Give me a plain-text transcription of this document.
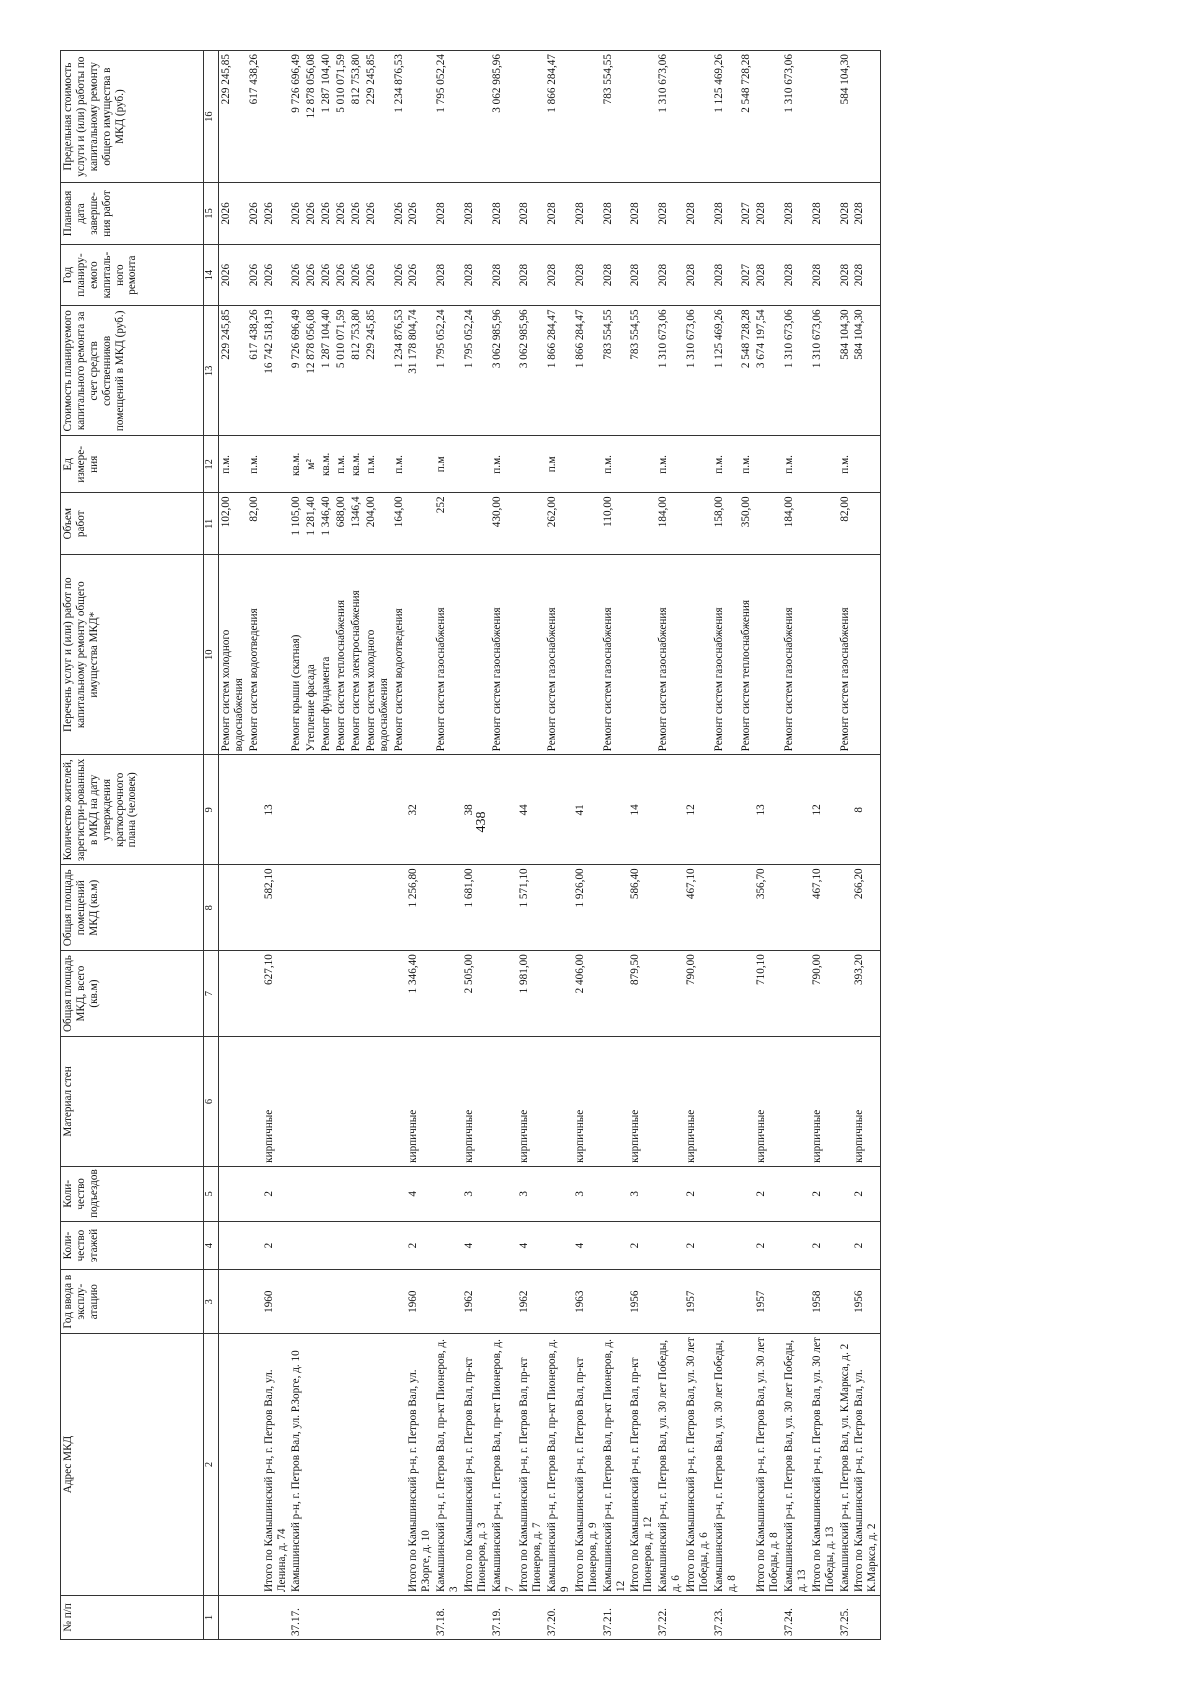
438
№ п/п	Адрес МКД	Год ввода в эксплу-атацию	Коли-чество этажей	Коли-чество подъездов	Материал стен	Общая площадь МКД, всего (кв.м)	Общая площадь помещений МКД (кв.м)	Количество жителей, зарегистри-рованных в МКД на дату утверждения краткосрочного плана (человек)	Перечень услуг и (или) работ по капитальному ремонту общего имущества МКД*	Объем работ	Ед измере-ния	Стоимость планируемого капитального ремонта за счет средств собственников помещений в МКД (руб.)	Год планиру-емого капиталь-ного ремонта	Плановая дата заверше-ния работ	Предельная стоимость услуги и (или) работы по капитальному ремонту общего имущества в МКД (руб.)
1	2	3	4	5	6	7	8	9	10	11	12	13	14	15	16
									Ремонт систем холодного водоснабжения	102,00	п.м.	229 245,85	2026	2026	229 245,85
									Ремонт систем водоотведения	82,00	п.м.	617 438,26	2026	2026	617 438,26
	Итого по Камышинский р-н, г. Петров Вал, ул. Ленина, д. 74	1960	2	2	кирпичные	627,10	582,10	13				16 742 518,19	2026	2026	
37.17.	Камышинский р-н, г. Петров Вал, ул. Р.Зорге, д. 10								Ремонт крыши (скатная)	1 105,00	кв.м.	9 726 696,49	2026	2026	9 726 696,49
									Утепление фасада	1 281,40	м²	12 878 056,08	2026	2026	12 878 056,08
									Ремонт фундамента	1 346,40	кв.м.	1 287 104,40	2026	2026	1 287 104,40
									Ремонт систем теплоснабжения	688,00	п.м.	5 010 071,59	2026	2026	5 010 071,59
									Ремонт систем электроснабжения	1346,4	кв.м.	812 753,80	2026	2026	812 753,80
									Ремонт систем холодного водоснабжения	204,00	п.м.	229 245,85	2026	2026	229 245,85
									Ремонт систем водоотведения	164,00	п.м.	1 234 876,53	2026	2026	1 234 876,53
	Итого по Камышинский р-н, г. Петров Вал, ул. Р.Зорге, д. 10	1960	2	4	кирпичные	1 346,40	1 256,80	32				31 178 804,74	2026	2026	
37.18.	Камышинский р-н, г. Петров Вал, пр-кт Пионеров, д. 3								Ремонт систем газоснабжения	252	п.м	1 795 052,24	2028	2028	1 795 052,24
	Итого по Камышинский р-н, г. Петров Вал, пр-кт Пионеров, д. 3	1962	4	3	кирпичные	2 505,00	1 681,00	38				1 795 052,24	2028	2028	
37.19.	Камышинский р-н, г. Петров Вал, пр-кт Пионеров, д. 7								Ремонт систем газоснабжения	430,00	п.м.	3 062 985,96	2028	2028	3 062 985,96
	Итого по Камышинский р-н, г. Петров Вал, пр-кт Пионеров, д. 7	1962	4	3	кирпичные	1 981,00	1 571,10	44				3 062 985,96	2028	2028	
37.20.	Камышинский р-н, г. Петров Вал, пр-кт Пионеров, д. 9								Ремонт систем газоснабжения	262,00	п.м	1 866 284,47	2028	2028	1 866 284,47
	Итого по Камышинский р-н, г. Петров Вал, пр-кт Пионеров, д. 9	1963	4	3	кирпичные	2 406,00	1 926,00	41				1 866 284,47	2028	2028	
37.21.	Камышинский р-н, г. Петров Вал, пр-кт Пионеров, д. 12								Ремонт систем газоснабжения	110,00	п.м.	783 554,55	2028	2028	783 554,55
	Итого по Камышинский р-н, г. Петров Вал, пр-кт Пионеров, д. 12	1956	2	3	кирпичные	879,50	586,40	14				783 554,55	2028	2028	
37.22.	Камышинский р-н, г. Петров Вал, ул. 30 лет Победы, д. 6								Ремонт систем газоснабжения	184,00	п.м.	1 310 673,06	2028	2028	1 310 673,06
	Итого по Камышинский р-н, г. Петров Вал, ул. 30 лет Победы, д. 6	1957	2	2	кирпичные	790,00	467,10	12				1 310 673,06	2028	2028	
37.23.	Камышинский р-н, г. Петров Вал, ул. 30 лет Победы, д. 8								Ремонт систем газоснабжения	158,00	п.м.	1 125 469,26	2028	2028	1 125 469,26
									Ремонт систем теплоснабжения	350,00	п.м.	2 548 728,28	2027	2027	2 548 728,28
	Итого по Камышинский р-н, г. Петров Вал, ул. 30 лет Победы, д. 8	1957	2	2	кирпичные	710,10	356,70	13				3 674 197,54	2028	2028	
37.24.	Камышинский р-н, г. Петров Вал, ул. 30 лет Победы, д. 13								Ремонт систем газоснабжения	184,00	п.м.	1 310 673,06	2028	2028	1 310 673,06
	Итого по Камышинский р-н, г. Петров Вал, ул. 30 лет Победы, д. 13	1958	2	2	кирпичные	790,00	467,10	12				1 310 673,06	2028	2028	
37.25.	Камышинский р-н, г. Петров Вал, ул. К.Маркса, д. 2								Ремонт систем газоснабжения	82,00	п.м.	584 104,30	2028	2028	584 104,30
	Итого по Камышинский р-н, г. Петров Вал, ул. К.Маркса, д. 2	1956	2	2	кирпичные	393,20	266,20	8				584 104,30	2028	2028	
